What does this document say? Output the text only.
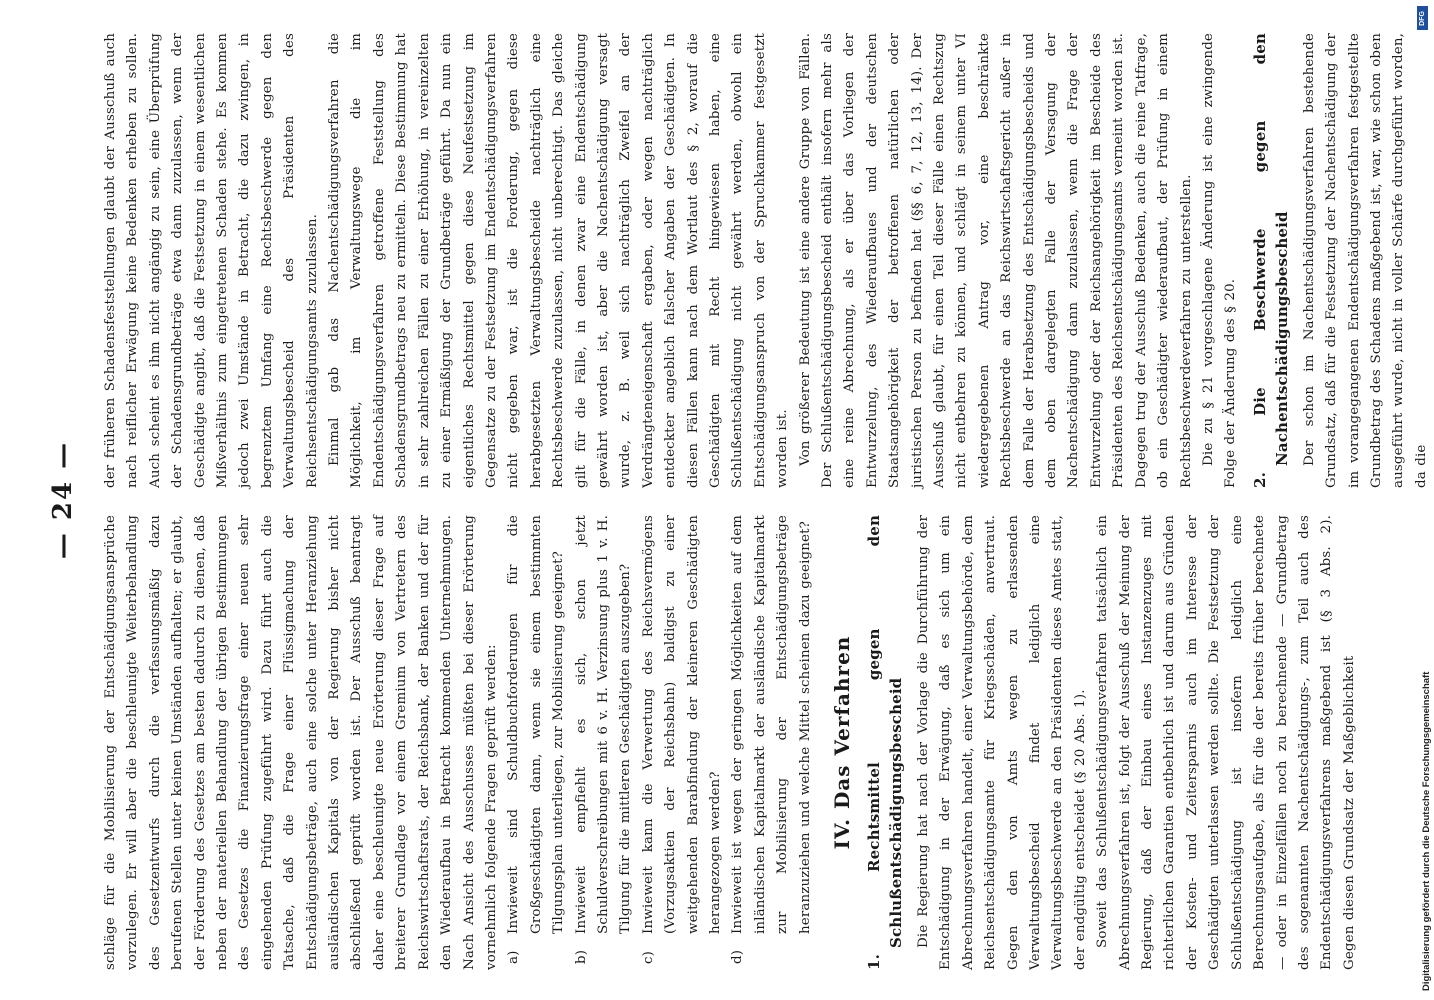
— 24 —

schläge für die Mobilisierung der Entschädigungsansprüche vorzulegen. Er will aber die beschleunigte Weiterbehandlung des Gesetzentwurfs durch die verfassungsmäßig dazu berufenen Stellen unter keinen Umständen aufhalten; er glaubt, der Förderung des Gesetzes am besten dadurch zu dienen, daß neben der materiellen Behandlung der übrigen Bestimmungen des Gesetzes die Finanzierungsfrage einer neuen sehr eingehenden Prüfung zugeführt wird. Dazu führt auch die Tatsache, daß die Frage einer Flüssigmachung der Entschädigungsbeträge, auch eine solche unter Heranziehung ausländischen Kapitals von der Regierung bisher nicht abschließend geprüft worden ist. Der Ausschuß beantragt daher eine beschleunigte neue Erörterung dieser Frage auf breiterer Grundlage vor einem Gremium von Vertretern des Reichswirtschaftsrats, der Reichsbank, der Banken und der für den Wiederaufbau in Betracht kommenden Unternehmungen. Nach Ansicht des Ausschusses müßten bei dieser Erörterung vornehmlich folgende Fragen geprüft werden: a)
Inwieweit sind Schuldbuchforderungen für die Großgeschädigten dann, wenn sie einem bestimmten Tilgungsplan unterliegen, zur Mobilisierung geeignet?
b)
Inwieweit empfiehlt es sich, schon jetzt Schuldverschreibungen mit 6 v. H. Verzinsung plus 1 v. H. Tilgung für die mittleren Geschädigten auszugeben?
c)
Inwieweit kann die Verwertung des Reichsvermögens (Vorzugsaktien der Reichsbahn) baldigst zu einer weitgehenden Barabfindung der kleineren Geschädigten herangezogen werden?
d)
Inwieweit ist wegen der geringen Möglichkeiten auf dem inländischen Kapitalmarkt der ausländische Kapitalmarkt zur Mobilisierung der Entschädigungsbeträge heranzuziehen und welche Mittel scheinen dazu geeignet? IV. Das Verfahren 1. Rechtsmittel gegen den Schlußentschädigungsbescheid Die Regierung hat nach der Vorlage die Durchführung der Entschädigung in der Erwägung, daß es sich um ein Abrechnungsverfahren handelt, einer Verwaltungsbehörde, dem Reichsentschädigungsamte für Kriegsschäden, anvertraut. Gegen den von Amts wegen zu erlassenden Verwaltungsbescheid findet lediglich eine Verwaltungsbeschwerde an den Präsidenten dieses Amtes statt, der endgültig entscheidet (§ 20 Abs. 1). Soweit das Schlußentschädigungsverfahren tatsächlich ein Abrechnungsverfahren ist, folgt der Ausschuß der Meinung der Regierung, daß der Einbau eines Instanzenzuges mit richterlichen Garantien entbehrlich ist und darum aus Gründen der Kosten- und Zeitersparnis auch im Interesse der Geschädigten unterlassen werden sollte. Die Festsetzung der Schlußentschädigung ist insofern lediglich eine Berechnungsaufgabe, als für die der bereits früher berechnete — oder in Einzelfällen noch zu berechnende — Grundbetrag des sogenannten Nachentschädigungs-, zum Teil auch des Endentschädigungsverfahrens maßgebend ist (§ 3 Abs. 2). Gegen diesen Grundsatz der Maßgeblichkeit

der früheren Schadensfeststellungen glaubt der Ausschuß auch nach reiflicher Erwägung keine Bedenken erheben zu sollen. Auch scheint es ihm nicht angängig zu sein, eine Überprüfung der Schadensgrundbeträge etwa dann zuzulassen, wenn der Geschädigte angibt, daß die Festsetzung in einem wesentlichen Mißverhältnis zum eingetretenen Schaden stehe. Es kommen jedoch zwei Umstände in Betracht, die dazu zwingen, in begrenztem Umfang eine Rechtsbeschwerde gegen den Verwaltungsbescheid des Präsidenten des Reichsentschädigungsamts zuzulassen. Einmal gab das Nachentschädigungsverfahren die Möglichkeit, im Verwaltungswege die im Endentschädigungsverfahren getroffene Feststellung des Schadensgrundbetrags neu zu ermitteln. Diese Bestimmung hat in sehr zahlreichen Fällen zu einer Erhöhung, in vereinzelten zu einer Ermäßigung der Grundbeträge geführt. Da nun ein eigentliches Rechtsmittel gegen diese Neufestsetzung im Gegensatze zu der Festsetzung im Endentschädigungsverfahren nicht gegeben war, ist die Forderung, gegen diese herabgesetzten Verwaltungsbescheide nachträglich eine Rechtsbeschwerde zuzulassen, nicht unberechtigt. Das gleiche gilt für die Fälle, in denen zwar eine Endentschädigung gewährt worden ist, aber die Nachentschädigung versagt wurde, z. B. weil sich nachträglich Zweifel an der Verdrängteneigenschaft ergaben, oder wegen nachträglich entdeckter angeblich falscher Angaben der Geschädigten. In diesen Fällen kann nach dem Wortlaut des § 2, worauf die Geschädigten mit Recht hingewiesen haben, eine Schlußentschädigung nicht gewährt werden, obwohl ein Entschädigungsanspruch von der Spruchkammer festgesetzt worden ist. Von größerer Bedeutung ist eine andere Gruppe von Fällen. Der Schlußentschädigungsbescheid enthält insofern mehr als eine reine Abrechnung, als er über das Vorliegen der Entwurzelung, des Wiederaufbaues und der deutschen Staatsangehörigkeit der betroffenen natürlichen oder juristischen Person zu befinden hat (§§ 6, 7, 12, 13, 14). Der Ausschuß glaubt, für einen Teil dieser Fälle einen Rechtszug nicht entbehren zu können, und schlägt in seinem unter VI wiedergegebenen Antrag vor, eine beschränkte Rechtsbeschwerde an das Reichswirtschaftsgericht außer in dem Falle der Herabsetzung des Entschädigungsbescheids und dem oben dargelegten Falle der Versagung der Nachentschädigung dann zuzulassen, wenn die Frage der Entwurzelung oder der Reichsangehörigkeit im Bescheide des Präsidenten des Reichsentschädigungsamts verneint worden ist. Dagegen trug der Ausschuß Bedenken, auch die reine Tatfrage, ob ein Geschädigter wiederaufbaut, der Prüfung in einem Rechtsbeschwerdeverfahren zu unterstellen. Die zu § 21 vorgeschlagene Änderung ist eine zwingende Folge der Änderung des § 20. 2. Die Beschwerde gegen den Nachentschädigungsbescheid Der schon im Nachentschädigungsverfahren bestehende Grundsatz, daß für die Festsetzung der Nachentschädigung der im vorangegangenen Endentschädigungsverfahren festgestellte Grundbetrag des Schadens maßgebend ist, war, wie schon oben ausgeführt wurde, nicht in voller Schärfe durchgeführt worden, da die

Digitalisierung gefördert durch die Deutsche Forschungsgemeinschaft
DFG
